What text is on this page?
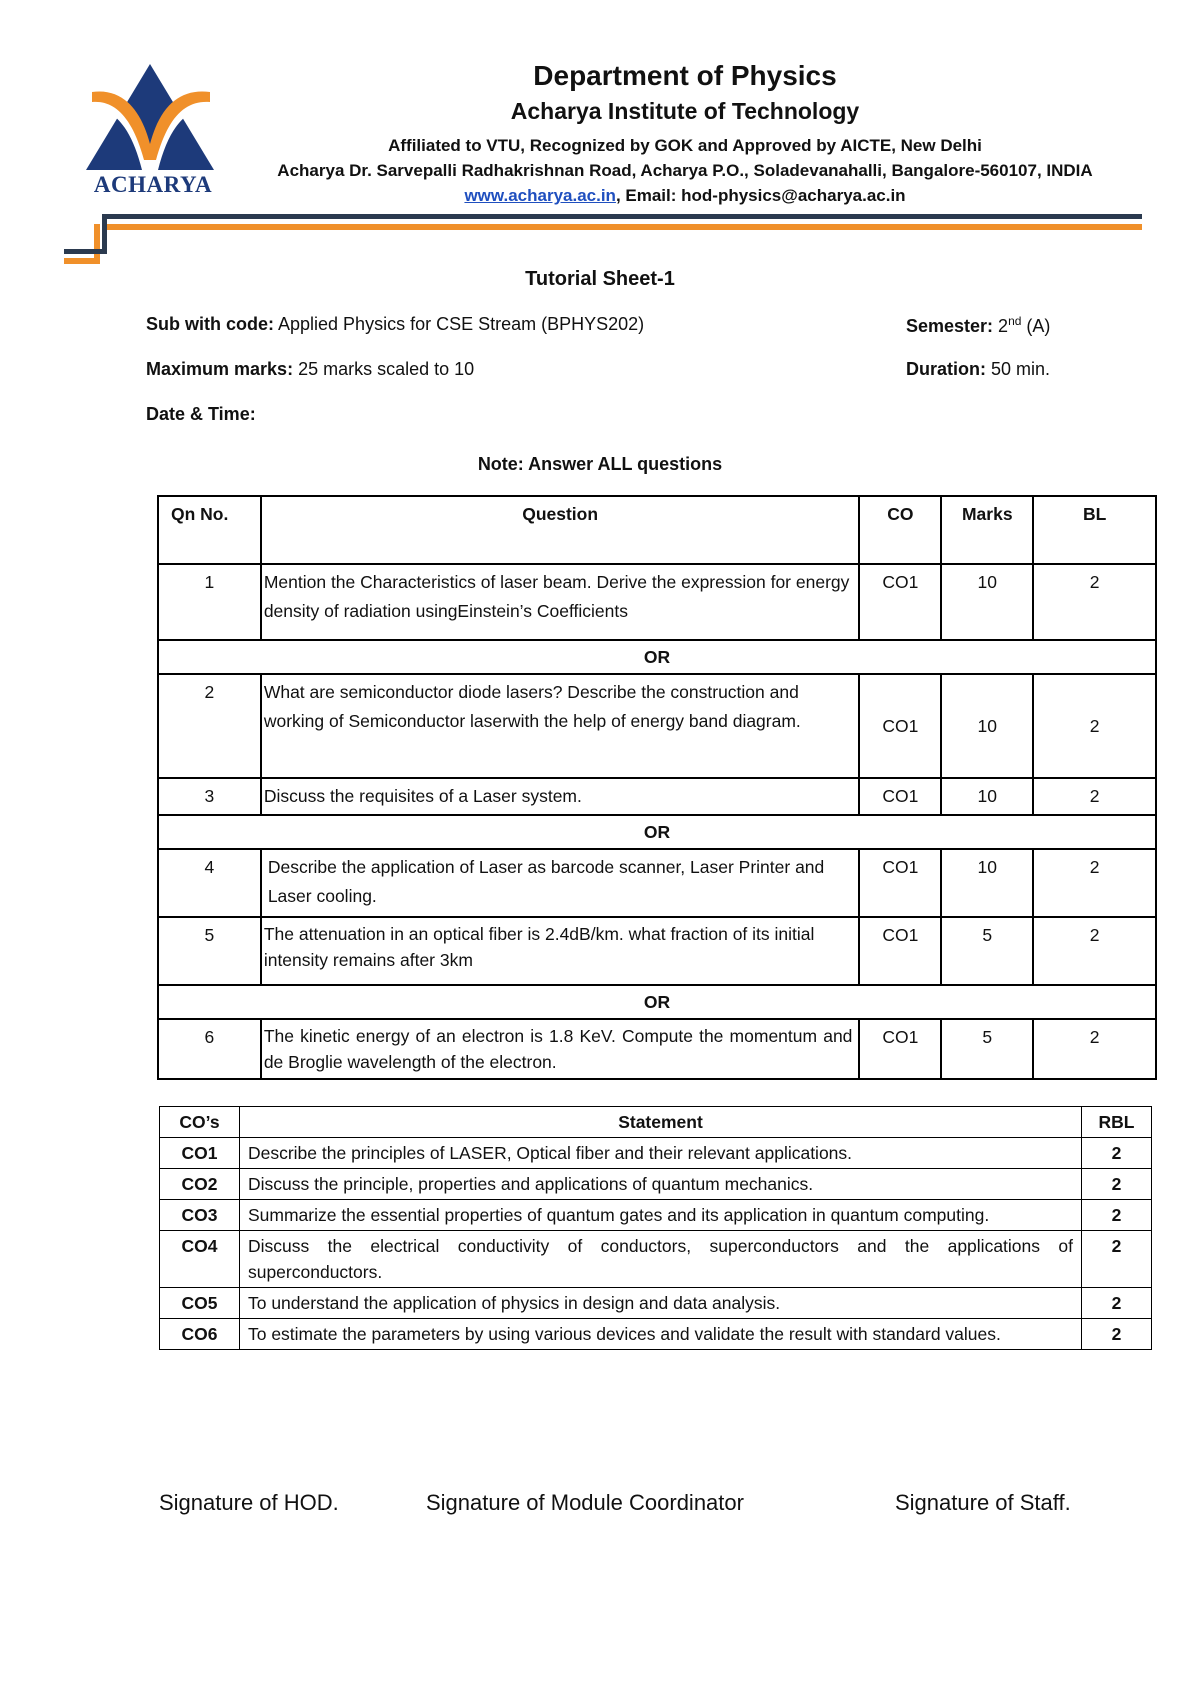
ACHARYA
Department of Physics
Acharya Institute of Technology
Affiliated to VTU, Recognized by GOK and Approved by AICTE, New Delhi
Acharya Dr. Sarvepalli Radhakrishnan Road, Acharya P.O., Soladevanahalli, Bangalore-560107, INDIA
www.acharya.ac.in, Email: hod-physics@acharya.ac.in
Tutorial Sheet-1
Sub with code: Applied Physics for CSE Stream (BPHYS202)	Semester: 2nd (A)
Maximum marks: 25 marks scaled to 10	Duration: 50 min.
Date & Time:
Note: Answer ALL questions
Qn No.	Question	CO	Marks	BL
1	Mention the Characteristics of laser beam. Derive the expression for energy density of radiation usingEinstein’s Coefficients	CO1	10	2
OR				
2	What are semiconductor diode lasers? Describe the construction and working of Semiconductor laserwith the help of energy band diagram.	CO1	10	2
3	Discuss the requisites of a Laser system.	CO1	10	2
OR				
4	Describe the application of Laser as barcode scanner, Laser Printer and Laser cooling.	CO1	10	2
5	The attenuation in an optical fiber is 2.4dB/km. what fraction of its initial intensity remains after 3km	CO1	5	2
OR				
6	The kinetic energy of an electron is 1.8 KeV. Compute the momentum and de Broglie wavelength of the electron.	CO1	5	2
CO’s	Statement	RBL
CO1	Describe the principles of LASER, Optical fiber and their relevant applications.	2
CO2	Discuss the principle, properties and applications of quantum mechanics.	2
CO3	Summarize the essential properties of quantum gates and its application in quantum computing.	2
CO4	Discuss the electrical conductivity of conductors, superconductors and the applications of superconductors.	2
CO5	To understand the application of physics in design and data analysis.	2
CO6	To estimate the parameters by using various devices and validate the result with standard values.	2
Signature of HOD.	Signature of Module Coordinator	Signature of Staff.
